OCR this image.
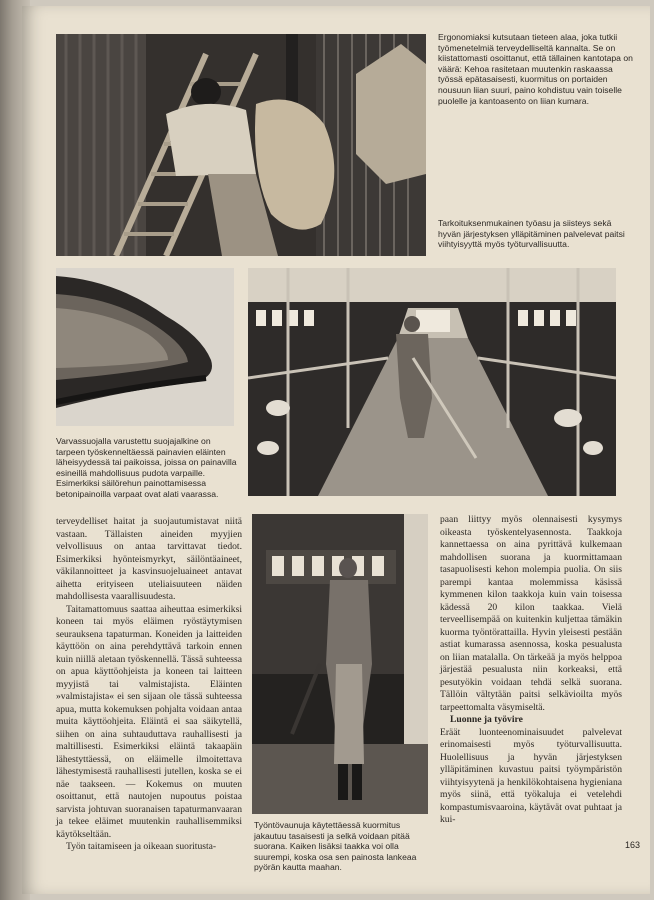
Ergonomiaksi kutsutaan tieteen alaa, joka tutkii työmenetelmiä terveydelliseltä kannalta. Se on kiistattomasti osoittanut, että tällainen kantotapa on väärä: Kehoa rasitetaan muutenkin raskaassa työssä epätasaisesti, kuormitus on portaiden nousuun liian suuri, paino kohdistuu vain toiselle puolelle ja kantoasento on liian kumara.

Tarkoituksenmukainen työasu ja siisteys sekä hyvän järjestyksen ylläpitäminen palvelevat paitsi viihtyisyyttä myös työturvallisuutta.

Varvassuojalla varustettu suojajalkine on tarpeen työskenneltäessä painavien eläinten läheisyydessä tai paikoissa, joissa on painavilla esineillä mahdollisuus pudota varpaille. Esimerkiksi säilörehun painottamisessa betonipainoilla varpaat ovat alati vaarassa.

terveydelliset haitat ja suojautumistavat niitä vastaan. Tällaisten aineiden myyjien velvollisuus on antaa tarvittavat tiedot. Esimerkiksi hyönteismyrkyt, säilöntäaineet, väkilannoitteet ja kasvinsuojeluaineet antavat aihetta erityiseen uteliaisuuteen näiden mahdollisesta vaarallisuudesta.

Taitamattomuus saattaa aiheuttaa esimerkiksi koneen tai myös eläimen ryöstäytymisen seurauksena tapaturman. Koneiden ja laitteiden käyttöön on aina perehdyttävä tarkoin ennen kuin niillä aletaan työskennellä. Tässä suhteessa on apua käyttöohjeista ja koneen tai laitteen myyjistä tai valmistajista. Eläinten »valmistajista« ei sen sijaan ole tässä suhteessa apua, mutta kokemuksen pohjalta voidaan antaa muita käyttöohjeita. Eläintä ei saa säikytellä, siihen on aina suhtauduttava rauhallisesti ja maltillisesti. Esimerkiksi eläintä takaapäin lähestyttäessä, on eläimelle ilmoitettava lähestymisestä rauhallisesti jutellen, koska se ei näe taakseen. — Kokemus on muuten osoittanut, että nautojen nupoutus poistaa sarvista johtuvan suoranaisen tapaturmanvaaran ja tekee eläimet muutenkin rauhallisemmiksi käytökseltään.

Työn taitamiseen ja oikeaan suoritusta-

Työntövaunuja käytettäessä kuormitus jakautuu tasaisesti ja selkä voidaan pitää suorana. Kaiken lisäksi taakka voi olla suurempi, koska osa sen painosta lankeaa pyörän kautta maahan.

paan liittyy myös olennaisesti kysymys oikeasta työskentelyasennosta. Taakkoja kannettaessa on aina pyrittävä kulkemaan mahdollisen suorana ja kuormittamaan tasapuolisesti kehon molempia puolia. On siis parempi kantaa molemmissa käsissä kymmenen kilon taakkoja kuin vain toisessa kädessä 20 kilon taakkaa. Vielä terveellisempää on kuitenkin kuljettaa tämäkin kuorma työntörattailla. Hyvin yleisesti pestään astiat kumarassa asennossa, koska pesualusta on liian matalalla. On tärkeää ja myös helppoa järjestää pesualusta niin korkeaksi, että pesutyökin voidaan tehdä selkä suorana. Tällöin vältytään paitsi selkävioilta myös tarpeettomalta väsymiseltä.

Luonne ja työvire

Eräät luonteenominaisuudet palvelevat erinomaisesti myös työturvallisuutta. Huolellisuus ja hyvän järjestyksen ylläpitäminen kuvastuu paitsi työympäristön viihtyisyytenä ja henkilökohtaisena hygieniana myös siinä, että työkaluja ei vetelehdi kompastumisvaaroina, käytävät ovat puhtaat ja kui-

163
